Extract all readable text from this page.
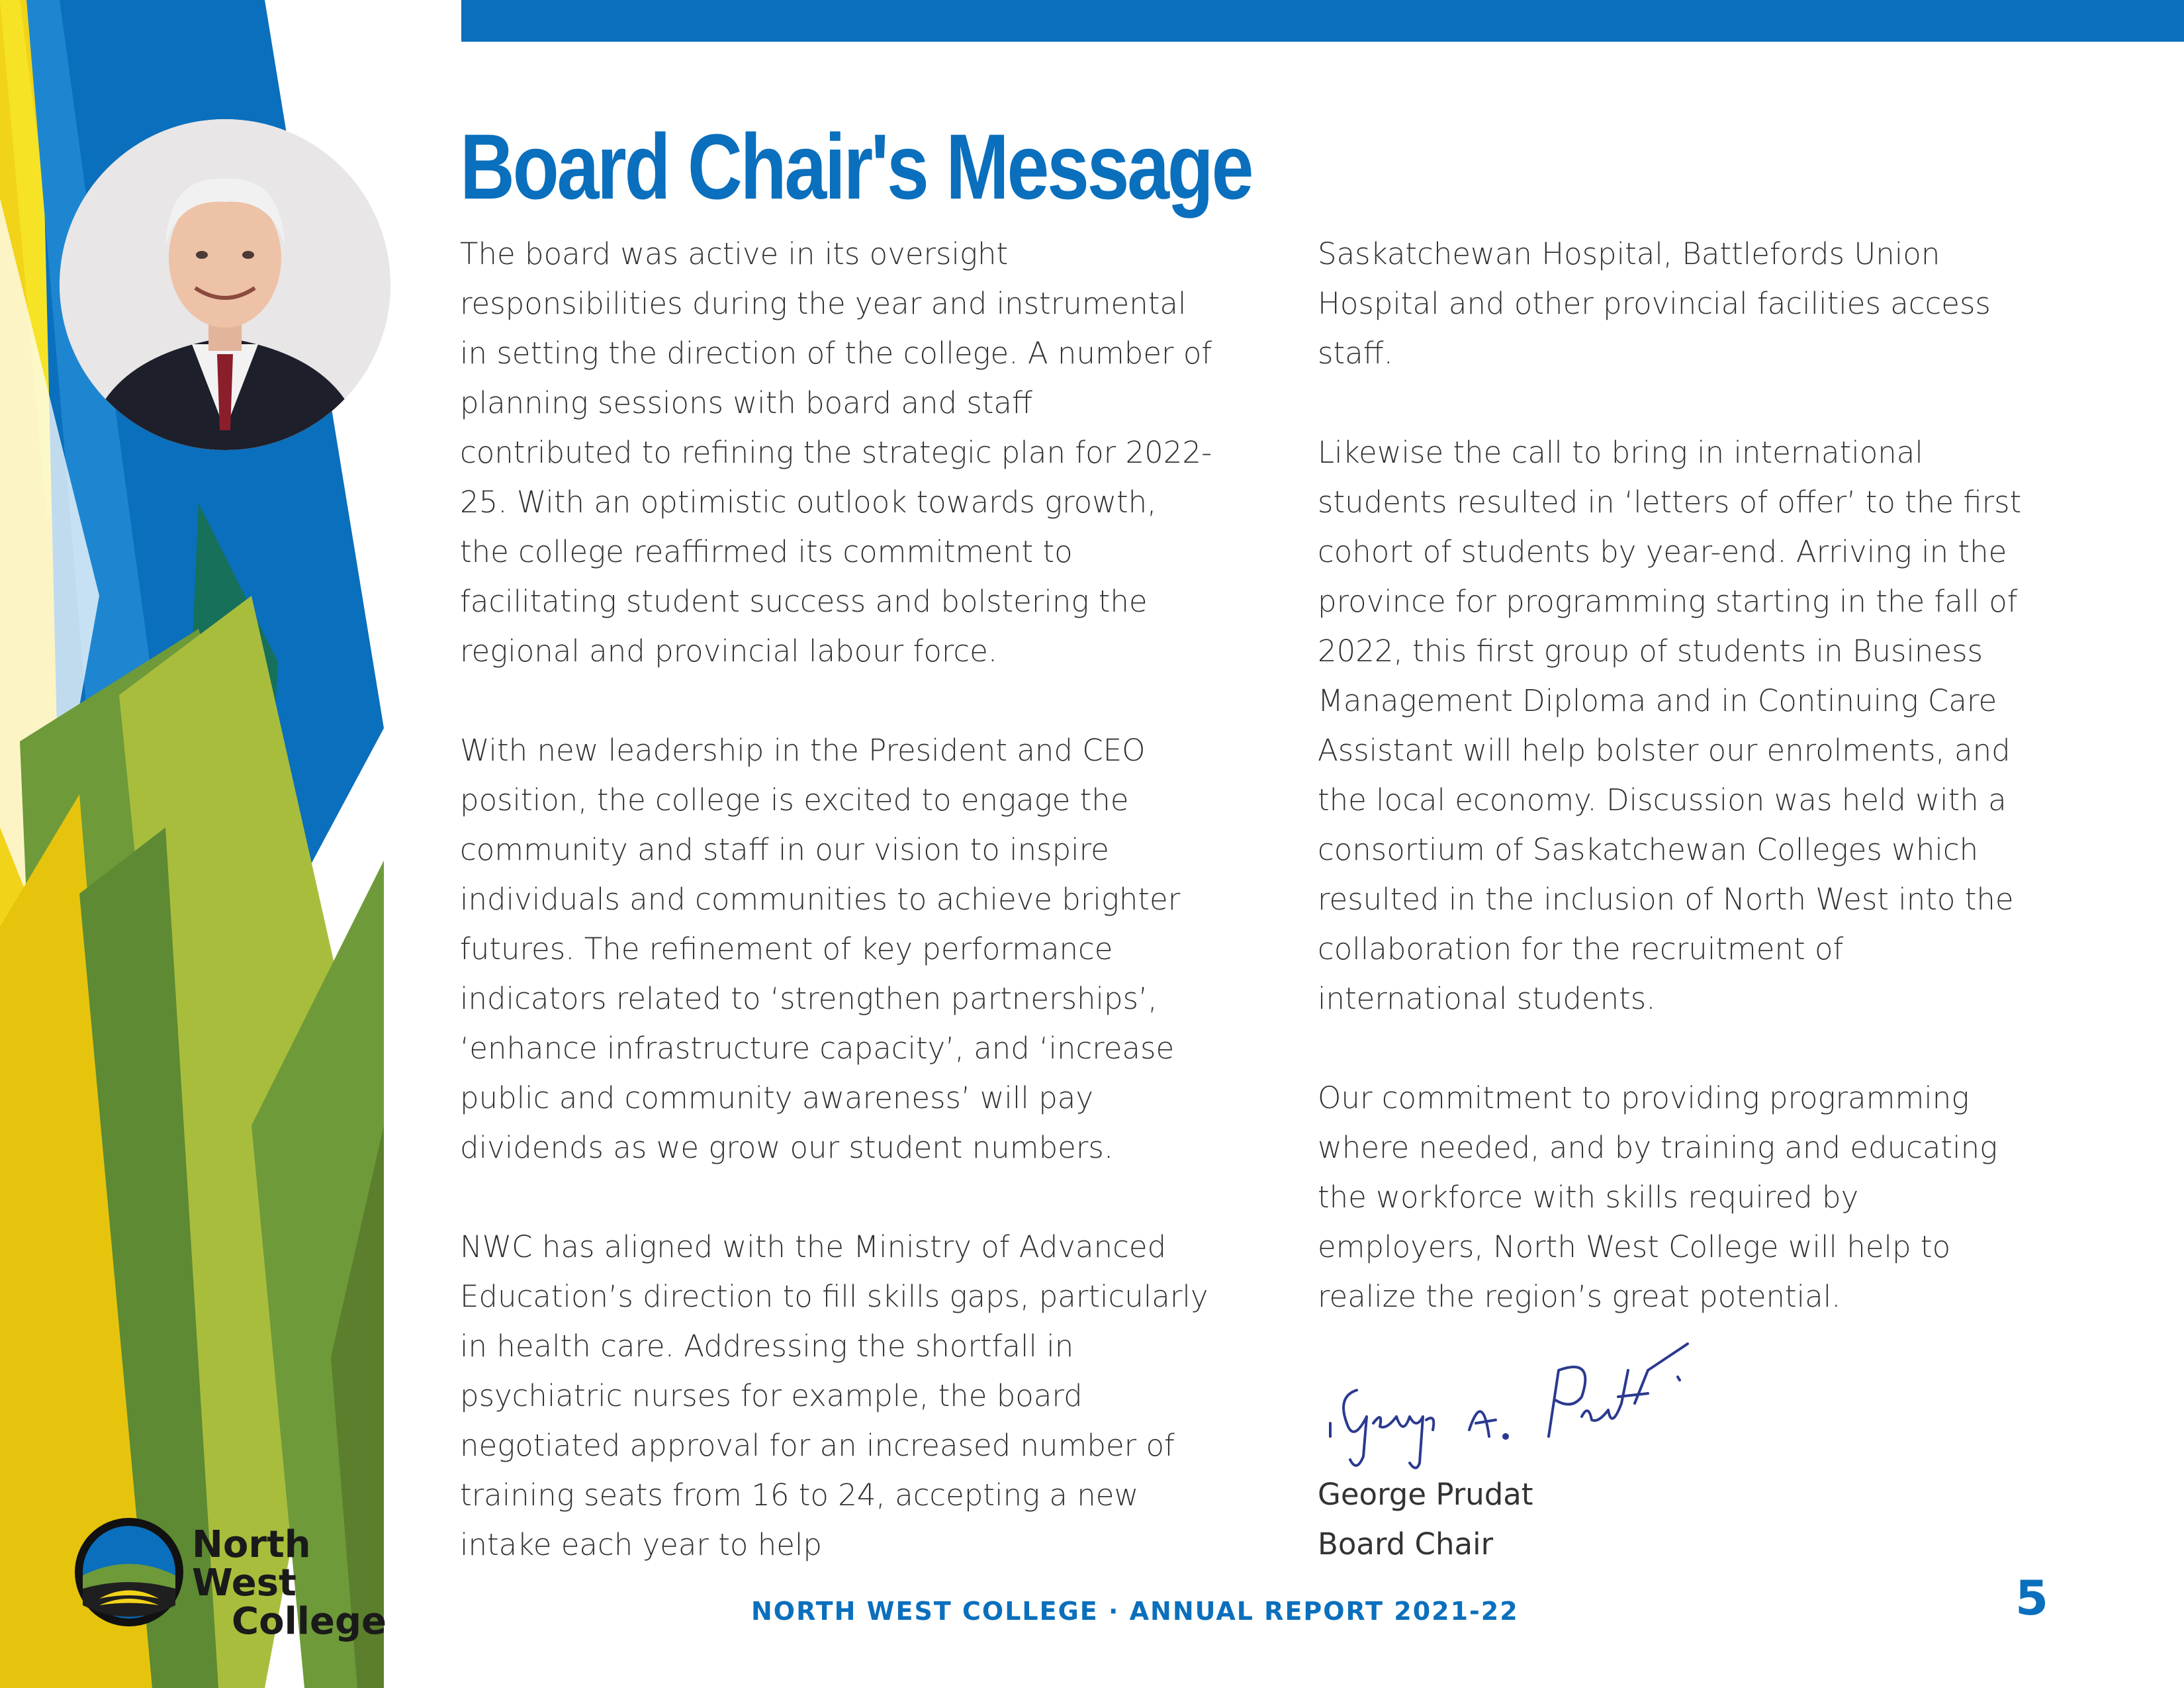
Board Chair's Message

The board was active in its oversight
responsibilities during the year and instrumental
in setting the direction of the college. A number of
planning sessions with board and staff
contributed to refining the strategic plan for 2022-
25. With an optimistic outlook towards growth,
the college reaffirmed its commitment to
facilitating student success and bolstering the
regional and provincial labour force.

With new leadership in the President and CEO
position, the college is excited to engage the
community and staff in our vision to inspire
individuals and communities to achieve brighter
futures. The refinement of key performance
indicators related to ‘strengthen partnerships’,
‘enhance infrastructure capacity’, and ‘increase
public and community awareness’ will pay
dividends as we grow our student numbers.

NWC has aligned with the Ministry of Advanced
Education’s direction to fill skills gaps, particularly
in health care. Addressing the shortfall in
psychiatric nurses for example, the board
negotiated approval for an increased number of
training seats from 16 to 24, accepting a new
intake each year to help

Saskatchewan Hospital, Battlefords Union
Hospital and other provincial facilities access
staff.

Likewise the call to bring in international
students resulted in ‘letters of offer’ to the first
cohort of students by year-end. Arriving in the
province for programming starting in the fall of
2022, this first group of students in Business
Management Diploma and in Continuing Care
Assistant will help bolster our enrolments, and
the local economy. Discussion was held with a
consortium of Saskatchewan Colleges which
resulted in the inclusion of North West into the
collaboration for the recruitment of
international students.

Our commitment to providing programming
where needed, and by training and educating
the workforce with skills required by
employers, North West College will help to
realize the region’s great potential.

George Prudat
Board Chair
North West
College	NORTH WEST COLLEGE · ANNUAL REPORT 2021-22	5
